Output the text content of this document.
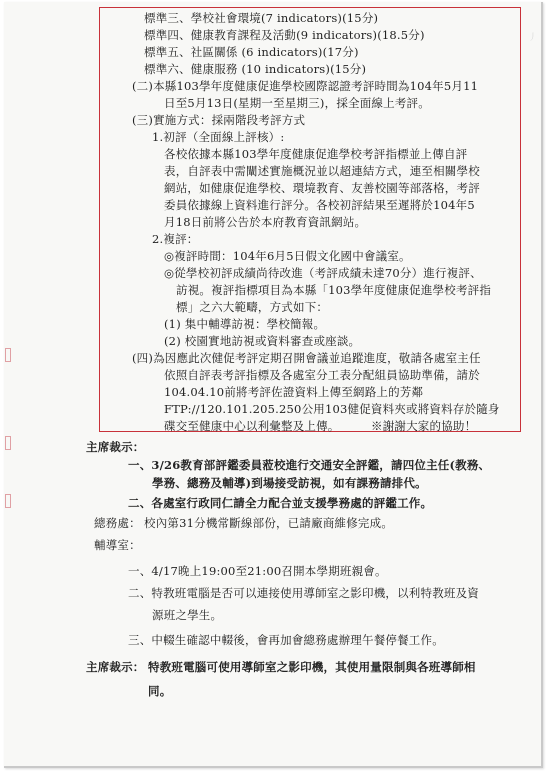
丿
標準三、學校社會環境(7 indicators)(15分)
標準四、健康教育課程及活動(9 indicators)(18.5分)
標準五、社區關係 (6 indicators)(17分)
標準六、健康服務 (10 indicators)(15分)
(二)本縣103學年度健康促進學校國際認證考評時間為104年5月11
日至5月13日(星期一至星期三)，採全面線上考評。
(三)實施方式：採兩階段考評方式
1.初評（全面線上評核）:
各校依據本縣103學年度健康促進學校考評指標並上傳自評
表，自評表中需闡述實施概況並以超連結方式，連至相關學校
網站，如健康促進學校、環境教育、友善校園等部落格，考評
委員依據線上資料進行評分。各校初評結果至遲將於104年5
月18日前將公告於本府教育資訊網站。
2.複評：
◎複評時間：104年6月5日假文化國中會議室。
◎從學校初評成績尚待改進（考評成績未達70分）進行複評、
訪視。複評指標項目為本縣「103學年度健康促進學校考評指
標」之六大範疇，方式如下：
(1) 集中輔導訪視：學校簡報。
(2) 校園實地訪視或資料審查或座談。
(四)為因應此次健促考評定期召開會議並追蹤進度，敬請各處室主任
依照自評表考評指標及各處室分工表分配組員協助準備，請於
104.04.10前將考評佐證資料上傳至網路上的芳鄰
FTP://120.101.205.250公用103健促資料夾或將資料存於隨身
碟交至健康中心以利彙整及上傳。	※謝謝大家的協助！
主席裁示：
一、3/26教育部評鑑委員蒞校進行交通安全評鑑，請四位主任(教務、
學務、總務及輔導)到場接受訪視，如有課務請排代。
二、各處室行政同仁請全力配合並支援學務處的評鑑工作。
總務處： 校內第31分機常斷線部份，已請廠商維修完成。
輔導室：
一、4/17晚上19:00至21:00召開本學期班親會。
二、特教班電腦是否可以連接使用導師室之影印機，以利特教班及資
源班之學生。
三、中輟生確認中輟後，會再加會總務處辦理午餐停餐工作。
主席裁示： 特教班電腦可使用導師室之影印機，其使用量限制與各班導師相
同。
